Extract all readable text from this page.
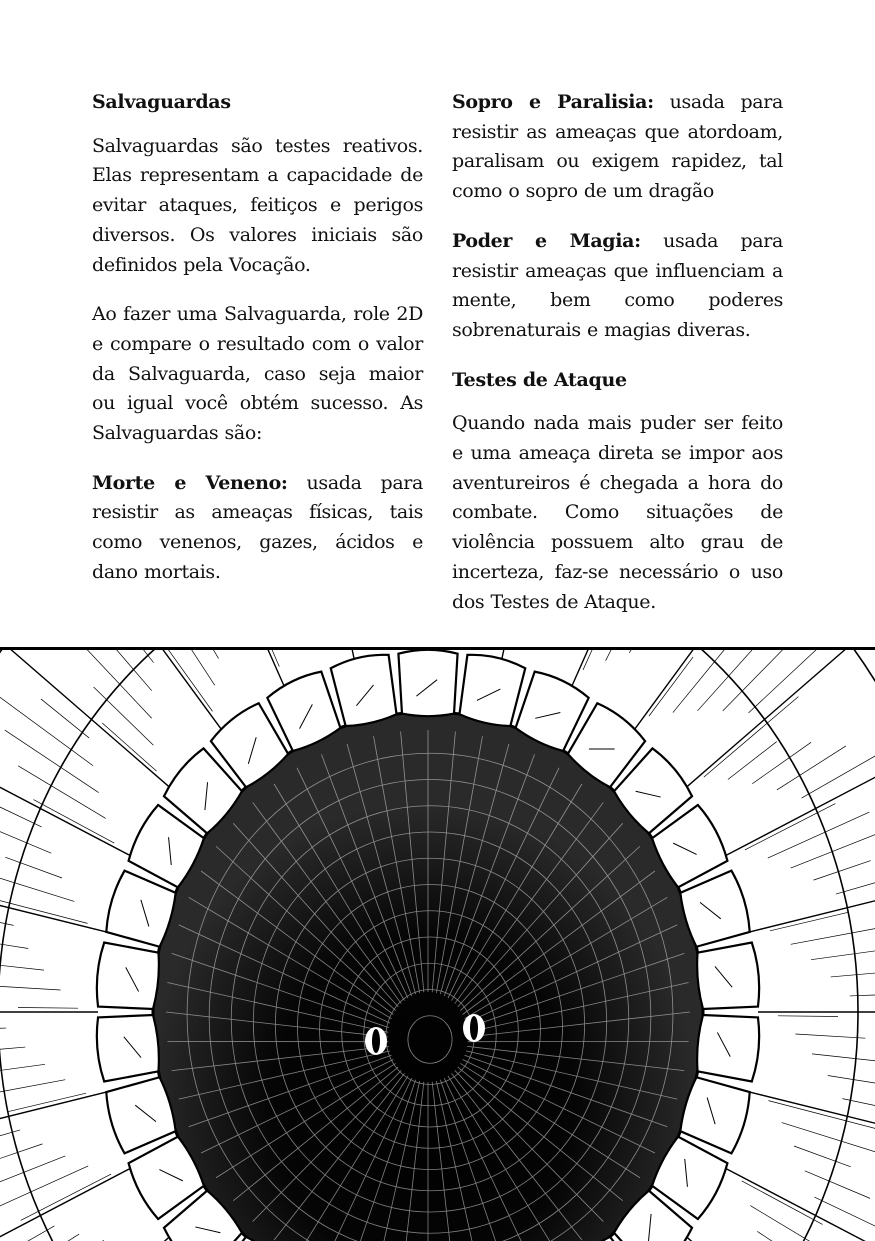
Salvaguardas

Salvaguardas são testes reativos. Elas representam a capacidade de evitar ataques, feitiços e perigos diversos. Os valores iniciais são definidos pela Vocação.

Ao fazer uma Salvaguarda, role 2D e compare o resultado com o valor da Salvaguarda, caso seja maior ou igual você obtém sucesso. As Salvaguardas são:

Morte e Veneno: usada para resistir as ameaças físicas, tais como venenos, gazes, ácidos e dano mortais.

Sopro e Paralisia: usada para resistir as ameaças que atordoam, paralisam ou exigem rapidez, tal como o sopro de um dragão

Poder e Magia: usada para resistir ameaças que influenciam a mente, bem como poderes sobrenaturais e magias diveras.

Testes de Ataque

Quando nada mais puder ser feito e uma ameaça direta se impor aos aventureiros é chegada a hora do combate. Como situações de violência possuem alto grau de incerteza, faz-se necessário o uso dos Testes de Ataque.
